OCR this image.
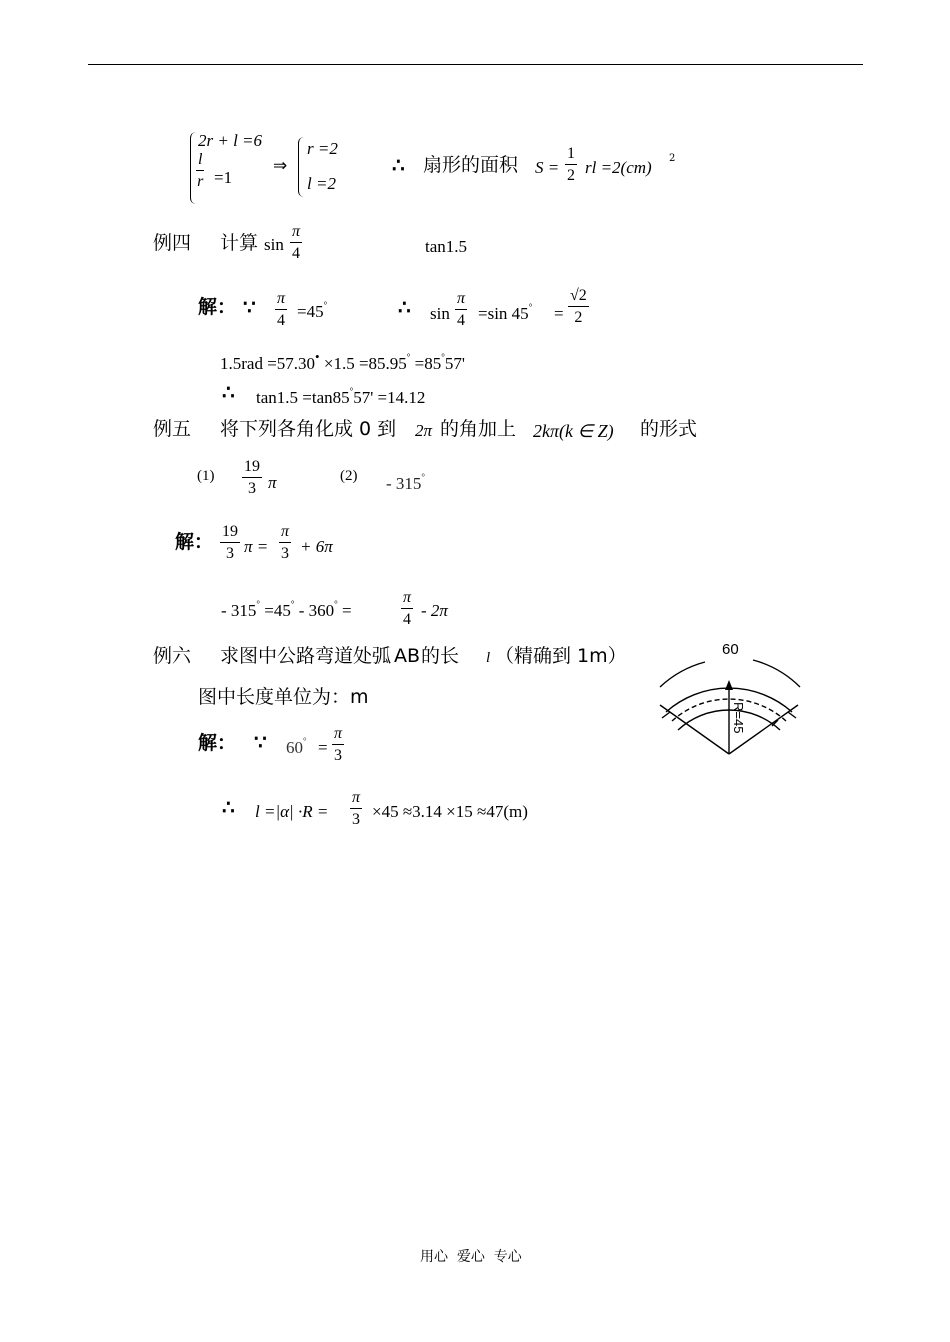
2r + l =6
$\frac{l}{r} =1$
⇒
r =2
l =2
∴ 扇形的面积 $S = \frac{1}{2}$ rl =2(cm) 2
例四 计算 $\sin \frac{\pi}{4}$	tan1.5
解： ∵ $\frac{\pi}{4} =45^\circ$	∴ $\sin \frac{\pi}{4} =\sin$ $45^\circ = \frac{√2}{2}$
1.5rad =57.30• ×1.5 =85.95° =85°57'
∴ tan1.5 =tan85°57' =14.12
例五 将下列各角化成 0 到 2π 的角加上 2kπ(k ∈ Z) 的形式
$(1) \frac{19}{3}$ π	(2) - 315°
解： $\frac{19}{3}$ $\pi = \frac{\pi}{3} + 6\pi$
- 315° =45° - 360° =	$\frac{\pi}{4} - 2\pi$
例六 求图中公路弯道处弧 AB 的长 l （精确到 1m）
图中长度单位为：m
解： ∵ $60^\circ = \frac{\pi}{3}$
∴ $l =|\alpha| \cdot R = \frac{\pi}{3} \times 45 \approx 3.14 \times 15 \approx 47(m)$
60
R=45
用心  爱心  专心
